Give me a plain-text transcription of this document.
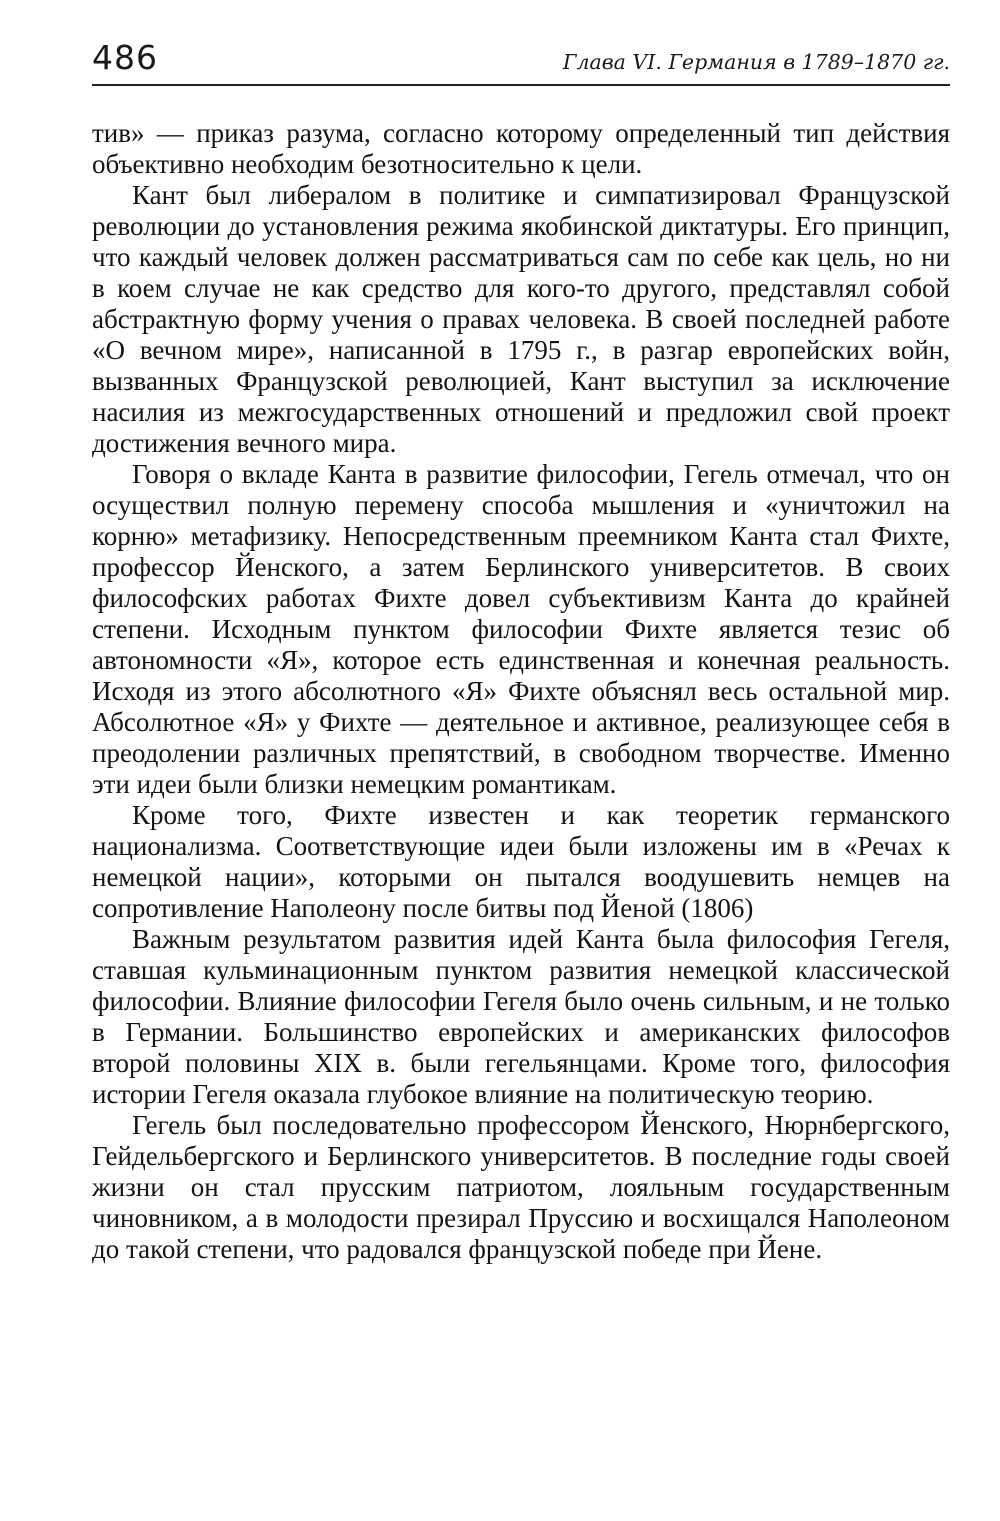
486	Глава VI. Германия в 1789–1870 гг.

тив» — приказ разума, согласно которому определенный тип действия объективно необходим безотносительно к цели.

Кант был либералом в политике и симпатизировал Французской революции до установления режима якобинской диктатуры. Его принцип, что каждый человек должен рассматриваться сам по себе как цель, но ни в коем случае не как средство для кого-то другого, представлял собой абстрактную форму учения о правах человека. В своей последней работе «О вечном мире», написанной в 1795 г., в разгар европейских войн, вызванных Французской революцией, Кант выступил за исключение насилия из межгосударственных отношений и предложил свой проект достижения вечного мира.

Говоря о вкладе Канта в развитие философии, Гегель отмечал, что он осуществил полную перемену способа мышления и «уничтожил на корню» метафизику. Непосредственным преемником Канта стал Фихте, профессор Йенского, а затем Берлинского университетов. В своих философских работах Фихте довел субъективизм Канта до крайней степени. Исходным пунктом философии Фихте является тезис об автономности «Я», которое есть единственная и конечная реальность. Исходя из этого абсолютного «Я» Фихте объяснял весь остальной мир. Абсолютное «Я» у Фихте — деятельное и активное, реализующее себя в преодолении различных препятствий, в свободном творчестве. Именно эти идеи были близки немецким романтикам.

Кроме того, Фихте известен и как теоретик германского национализма. Соответствующие идеи были изложены им в «Речах к немецкой нации», которыми он пытался воодушевить немцев на сопротивление Наполеону после битвы под Йеной (1806)

Важным результатом развития идей Канта была философия Гегеля, ставшая кульминационным пунктом развития немецкой классической философии. Влияние философии Гегеля было очень сильным, и не только в Германии. Большинство европейских и американских философов второй половины XIX в. были гегельянцами. Кроме того, философия истории Гегеля оказала глубокое влияние на политическую теорию.

Гегель был последовательно профессором Йенского, Нюрнбергского, Гейдельбергского и Берлинского университетов. В последние годы своей жизни он стал прусским патриотом, лояльным государственным чиновником, а в молодости презирал Пруссию и восхищался Наполеоном до такой степени, что радовался французской победе при Йене.
